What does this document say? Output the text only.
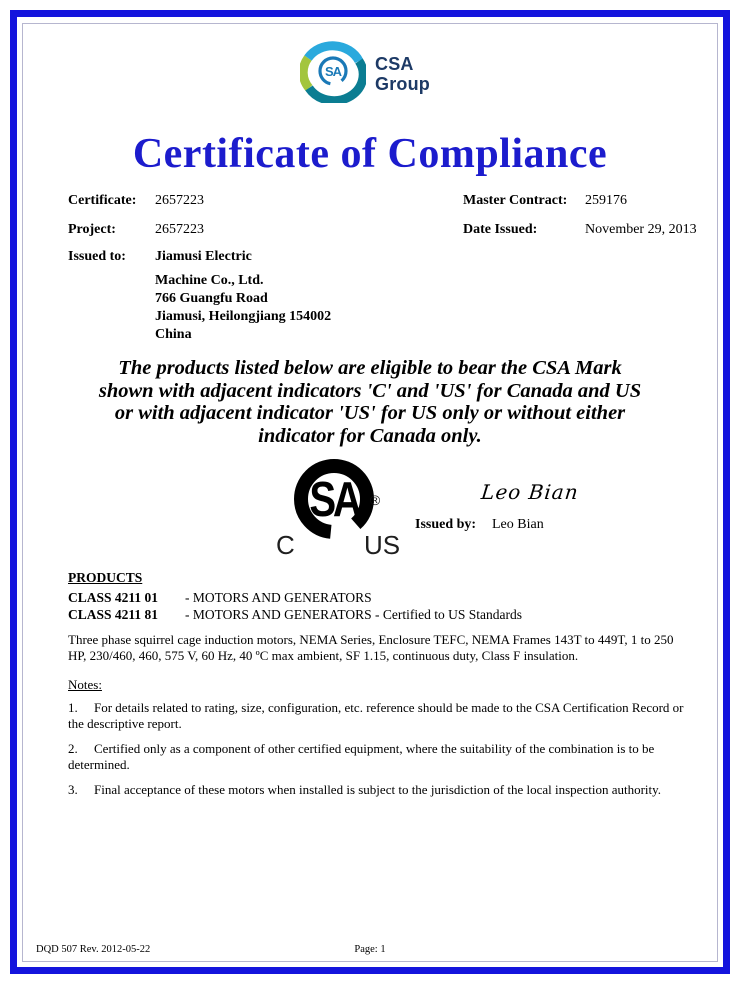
SA CSA
Group
Certificate of Compliance
Certificate: 2657223	Master Contract: 259176
Project:	2657223	Date Issued:	November 29, 2013
Issued to: Jiamusi Electric
Machine Co., Ltd.
766 Guangfu Road
Jiamusi, Heilongjiang 154002
China
The products listed below are eligible to bear the CSA Mark shown with adjacent indicators 'C' and 'US' for Canada and US or with adjacent indicator 'US' for US only or without either indicator for Canada only.
SA ®
C	US
Leo Bian
Issued by: Leo Bian
PRODUCTS
CLASS 4211 01 - MOTORS AND GENERATORS
CLASS 4211 81 - MOTORS AND GENERATORS - Certified to US Standards
Three phase squirrel cage induction motors, NEMA Series, Enclosure TEFC, NEMA Frames 143T to 449T, 1 to 250 HP, 230/460, 460, 575 V, 60 Hz, 40 ºC max ambient, SF 1.15, continuous duty, Class F insulation.
Notes:
1. For details related to rating, size, configuration, etc. reference should be made to the CSA Certification Record or the descriptive report.
2. Certified only as a component of other certified equipment, where the suitability of the combination is to be determined.
3. Final acceptance of these motors when installed is subject to the jurisdiction of the local inspection authority.
DQD 507 Rev. 2012-05-22	Page: 1
